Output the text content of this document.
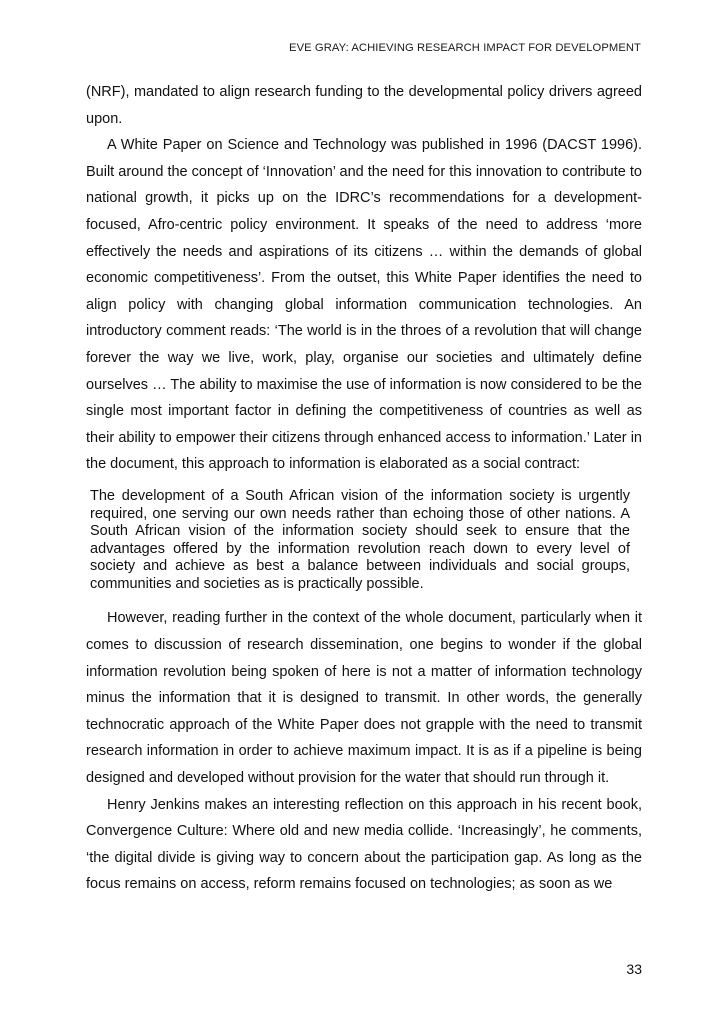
EVE GRAY: ACHIEVING RESEARCH IMPACT FOR DEVELOPMENT

(NRF), mandated to align research funding to the developmental policy drivers agreed upon.

A White Paper on Science and Technology was published in 1996 (DACST 1996). Built around the concept of ‘Innovation’ and the need for this innovation to contribute to national growth, it picks up on the IDRC’s recommendations for a development-focused, Afro-centric policy environment. It speaks of the need to address ‘more effectively the needs and aspirations of its citizens … within the demands of global economic competitiveness’. From the outset, this White Paper identifies the need to align policy with changing global information communication technologies. An introductory comment reads: ‘The world is in the throes of a revolution that will change forever the way we live, work, play, organise our societies and ultimately define ourselves … The ability to maximise the use of information is now considered to be the single most important factor in defining the competitiveness of countries as well as their ability to empower their citizens through enhanced access to information.’ Later in the document, this approach to information is elaborated as a social contract:

The development of a South African vision of the information society is urgently required, one serving our own needs rather than echoing those of other nations. A South African vision of the information society should seek to ensure that the advantages offered by the information revolution reach down to every level of society and achieve as best a balance between individuals and social groups, communities and societies as is practically possible.

However, reading further in the context of the whole document, particularly when it comes to discussion of research dissemination, one begins to wonder if the global information revolution being spoken of here is not a matter of information technology minus the information that it is designed to transmit. In other words, the generally technocratic approach of the White Paper does not grapple with the need to transmit research information in order to achieve maximum impact. It is as if a pipeline is being designed and developed without provision for the water that should run through it.

Henry Jenkins makes an interesting reflection on this approach in his recent book, Convergence Culture: Where old and new media collide. ‘Increasingly’, he comments, ‘the digital divide is giving way to concern about the participation gap. As long as the focus remains on access, reform remains focused on technologies; as soon as we

33
